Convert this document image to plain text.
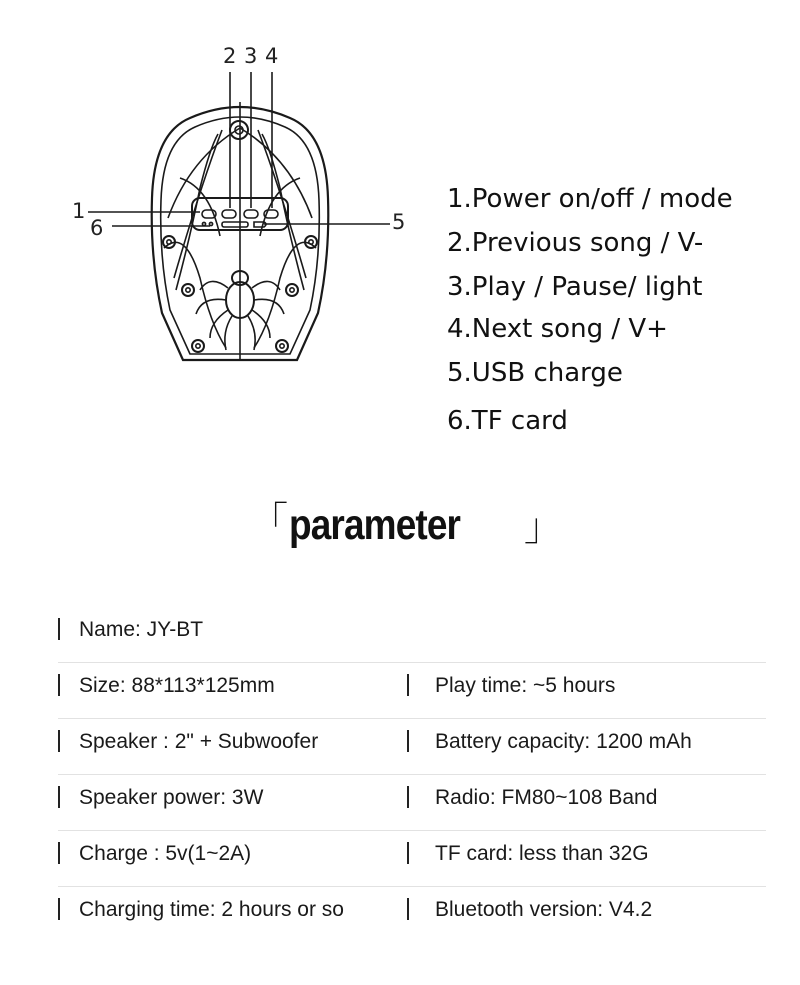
1
2 3 4
5
6
1.Power on/off / mode
2.Previous song / V-
3.Play / Pause/ light
4.Next song / V+
5.USB charge
6.TF card
「 parameter	」
Name: JY-BT
Size: 88*113*125mm	Play time: ~5 hours
Speaker : 2" + Subwoofer	Battery capacity: 1200 mAh
Speaker power: 3W	Radio: FM80~108 Band
Charge : 5v(1~2A)	TF card: less than 32G
Charging time: 2 hours or so	Bluetooth version: V4.2
